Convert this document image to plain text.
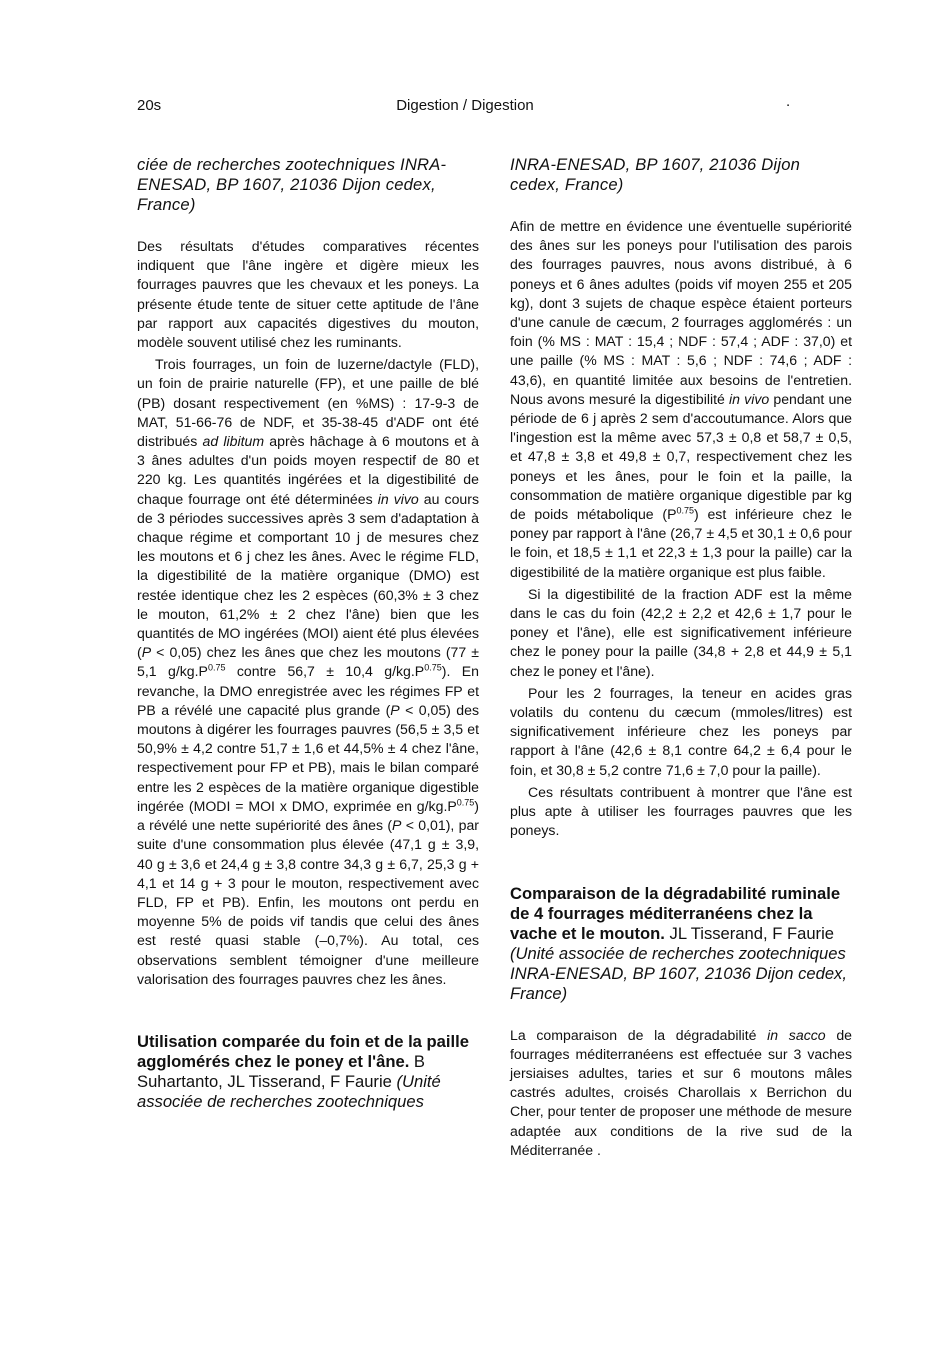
20s	Digestion / Digestion	.

ciée de recherches zootechniques INRA-ENESAD, BP 1607, 21036 Dijon cedex, France)

Des résultats d'études comparatives récentes indiquent que l'âne ingère et digère mieux les fourrages pauvres que les chevaux et les poneys. La présente étude tente de situer cette aptitude de l'âne par rapport aux capacités digestives du mouton, modèle souvent utilisé chez les ruminants.

Trois fourrages, un foin de luzerne/dactyle (FLD), un foin de prairie naturelle (FP), et une paille de blé (PB) dosant respectivement (en %MS) : 17-9-3 de MAT, 51-66-76 de NDF, et 35-38-45 d'ADF ont été distribués ad libitum après hâchage à 6 moutons et à 3 ânes adultes d'un poids moyen respectif de 80 et 220 kg. Les quantités ingérées et la digestibilité de chaque fourrage ont été déterminées in vivo au cours de 3 périodes successives après 3 sem d'adaptation à chaque régime et comportant 10 j de mesures chez les moutons et 6 j chez les ânes. Avec le régime FLD, la digestibilité de la matière organique (DMO) est restée identique chez les 2 espèces (60,3% ± 3 chez le mouton, 61,2% ± 2 chez l'âne) bien que les quantités de MO ingérées (MOI) aient été plus élevées (P < 0,05) chez les ânes que chez les moutons (77 ± 5,1 $g/kg.P^{0.75}$ contre 56,7 ± 10,4 $g/kg.P^{0.75}$). En revanche, la DMO enregistrée avec les régimes FP et PB a révélé une capacité plus grande (P < 0,05) des moutons à digérer les fourrages pauvres (56,5 ± 3,5 et 50,9% ± 4,2 contre 51,7 ± 1,6 et 44,5% ± 4 chez l'âne, respectivement pour FP et PB), mais le bilan comparé entre les 2 espèces de la matière organique digestible ingérée (MODI = MOI x DMO, exprimée en $g/kg.P^{0.75}$) a révélé une nette supériorité des ânes (P < 0,01), par suite d'une consommation plus élevée (47,1 g ± 3,9, 40 g ± 3,6 et 24,4 g ± 3,8 contre 34,3 g ± 6,7, 25,3 g + 4,1 et 14 g + 3 pour le mouton, respectivement avec FLD, FP et PB). Enfin, les moutons ont perdu en moyenne 5% de poids vif tandis que celui des ânes est resté quasi stable (–0,7%). Au total, ces observations semblent témoigner d'une meilleure valorisation des fourrages pauvres chez les ânes.

Utilisation comparée du foin et de la paille agglomérés chez le poney et l'âne. B Suhartanto, JL Tisserand, F Faurie (Unité associée de recherches zootechniques

INRA-ENESAD, BP 1607, 21036 Dijon cedex, France)

Afin de mettre en évidence une éventuelle supériorité des ânes sur les poneys pour l'utilisation des parois des fourrages pauvres, nous avons distribué, à 6 poneys et 6 ânes adultes (poids vif moyen 255 et 205 kg), dont 3 sujets de chaque espèce étaient porteurs d'une canule de cæcum, 2 fourrages agglomérés : un foin (% MS : MAT : 15,4 ; NDF : 57,4 ; ADF : 37,0) et une paille (% MS : MAT : 5,6 ; NDF : 74,6 ; ADF : 43,6), en quantité limitée aux besoins de l'entretien. Nous avons mesuré la digestibilité in vivo pendant une période de 6 j après 2 sem d'accoutumance. Alors que l'ingestion est la même avec 57,3 ± 0,8 et 58,7 ± 0,5, et 47,8 ± 3,8 et 49,8 ± 0,7, respectivement chez les poneys et les ânes, pour le foin et la paille, la consommation de matière organique digestible par kg de poids métabolique $(P^{0.75})$ est inférieure chez le poney par rapport à l'âne (26,7 ± 4,5 et 30,1 ± 0,6 pour le foin, et 18,5 ± 1,1 et 22,3 ± 1,3 pour la paille) car la digestibilité de la matière organique est plus faible.

Si la digestibilité de la fraction ADF est la même dans le cas du foin (42,2 ± 2,2 et 42,6 ± 1,7 pour le poney et l'âne), elle est significativement inférieure chez le poney pour la paille (34,8 + 2,8 et 44,9 ± 5,1 chez le poney et l'âne).

Pour les 2 fourrages, la teneur en acides gras volatils du contenu du cæcum (mmoles/litres) est significativement inférieure chez les poneys par rapport à l'âne (42,6 ± 8,1 contre 64,2 ± 6,4 pour le foin, et 30,8 ± 5,2 contre 71,6 ± 7,0 pour la paille).

Ces résultats contribuent à montrer que l'âne est plus apte à utiliser les fourrages pauvres que les poneys.

Comparaison de la dégradabilité ruminale de 4 fourrages méditerranéens chez la vache et le mouton. JL Tisserand, F Faurie (Unité associée de recherches zootechniques INRA-ENESAD, BP 1607, 21036 Dijon cedex, France)

La comparaison de la dégradabilité in sacco de fourrages méditerranéens est effectuée sur 3 vaches jersiaises adultes, taries et sur 6 moutons mâles castrés adultes, croisés Charollais x Berrichon du Cher, pour tenter de proposer une méthode de mesure adaptée aux conditions de la rive sud de la Méditerranée .
